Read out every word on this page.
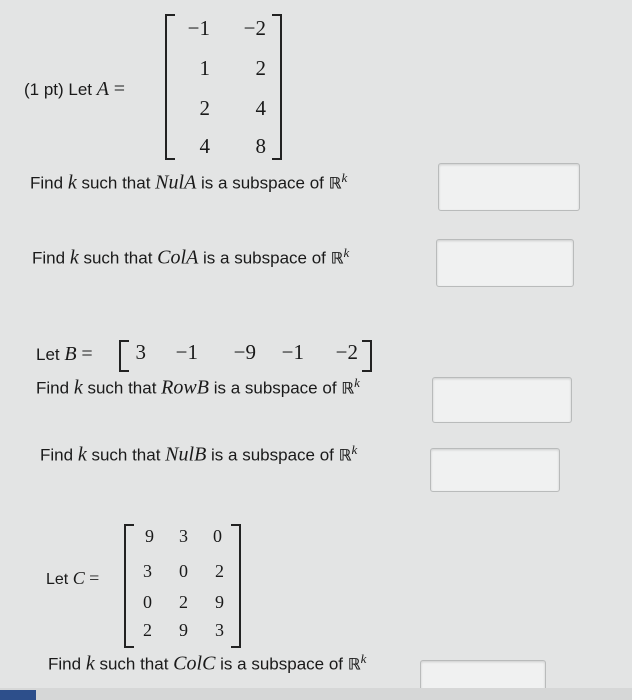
(1 pt) Let A =
−1	−2
1	2
2	4
4	8
Find k such that NulA is a subspace of ℝ$^k$
Find k such that ColA is a subspace of ℝ$^k$
Let B =	3	−1	−9	−1	−2
Find k such that RowB is a subspace of ℝ$^k$
Find k such that NulB is a subspace of ℝ$^k$
Let C =
9	3	0
3	0	2
0	2	9
2	9	3
Find k such that ColC is a subspace of ℝ$^k$
